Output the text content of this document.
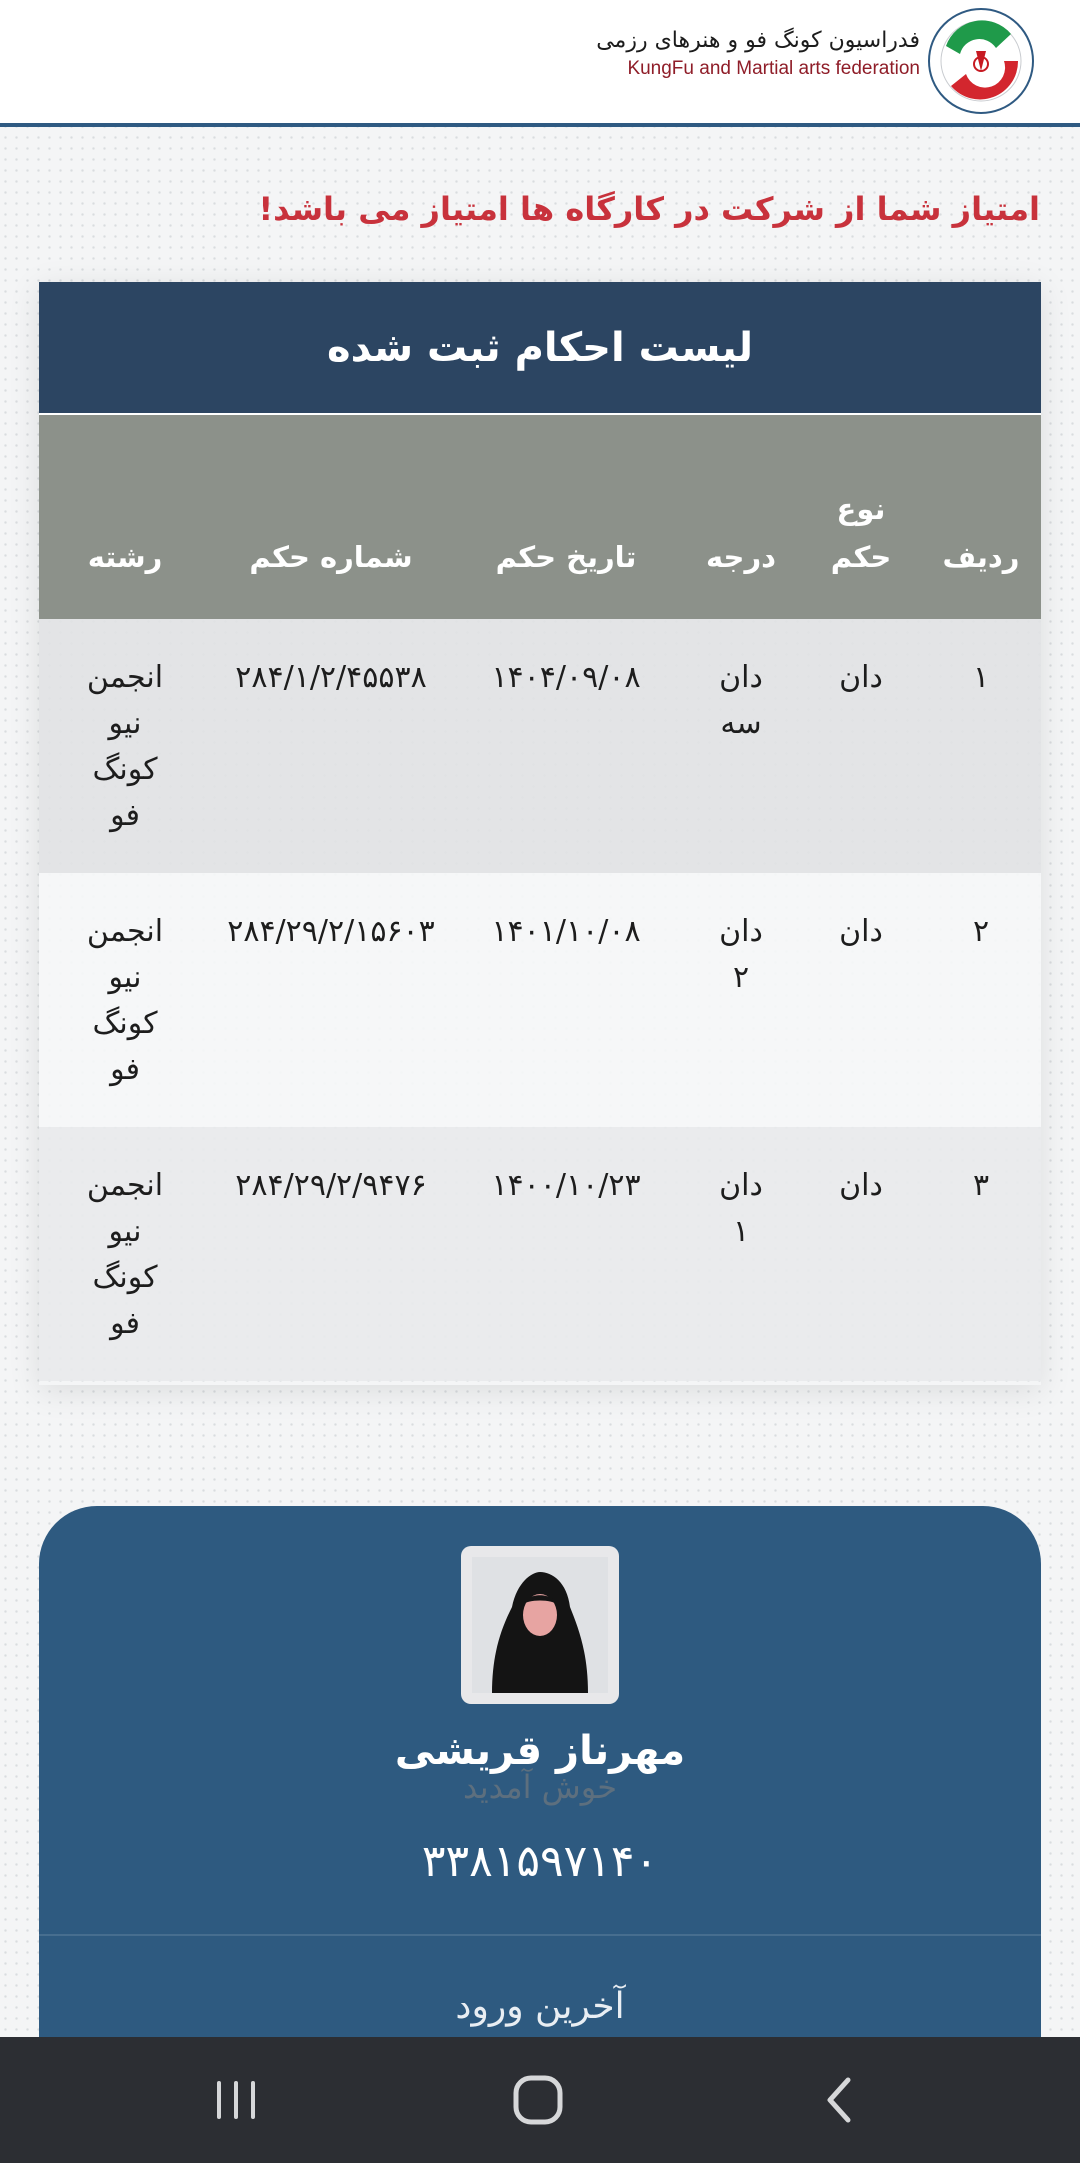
فدراسیون کونگ فو و هنرهای رزمی
KungFu and Martial arts federation
امتیاز شما از شرکت در کارگاه ها امتیاز می باشد!
لیست احکام ثبت شده
ردیف
نوع حکم
درجه
تاریخ حکم
شماره حکم
رشته
۱
دان
دان سه
۱۴۰۴/۰۹/۰۸
۲۸۴/۱/۲/۴۵۵۳۸
انجمن نیو کونگ فو
۲
دان
دان ۲
۱۴۰۱/۱۰/۰۸
۲۸۴/۲۹/۲/۱۵۶۰۳
انجمن نیو کونگ فو
۳
دان
دان ۱
۱۴۰۰/۱۰/۲۳
۲۸۴/۲۹/۲/۹۴۷۶
انجمن نیو کونگ فو
مهرناز قریشی
خوش آمدید
۳۳۸۱۵۹۷۱۴۰
آخرین ورود
